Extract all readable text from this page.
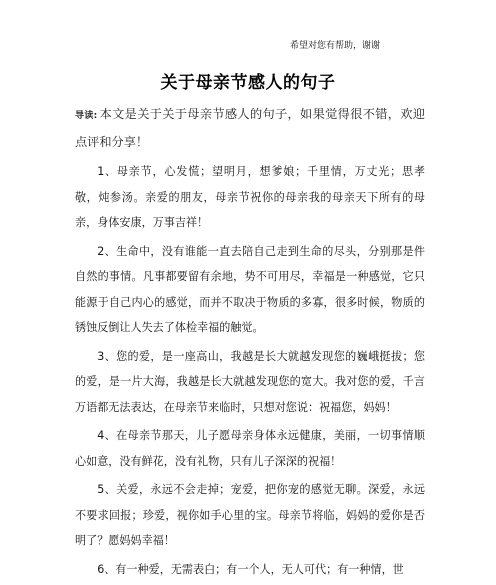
希望对您有帮助，谢谢
关于母亲节感人的句子

导读: 本文是关于关于母亲节感人的句子，如果觉得很不错，欢迎点评和分享！

1、母亲节，心发慌；望明月，想爹娘；千里情，万丈光；思孝敬，炖参汤。亲爱的朋友，母亲节祝你的母亲我的母亲天下所有的母亲，身体安康，万事吉祥！

2、生命中，没有谁能一直去陪自己走到生命的尽头，分别那是件自然的事情。凡事都要留有余地，势不可用尽，幸福是一种感觉，它只能源于自己内心的感觉，而并不取决于物质的多寡，很多时候，物质的锈蚀反倒让人失去了体检幸福的触觉。

3、您的爱，是一座高山，我越是长大就越发现您的巍峨挺拔；您的爱，是一片大海，我越是长大就越发现您的宽大。我对您的爱，千言万语都无法表达，在母亲节来临时，只想对您说：祝福您，妈妈！

4、在母亲节那天，儿子愿母亲身体永远健康，美丽，一切事情顺心如意，没有鲜花，没有礼物，只有儿子深深的祝福！

5、关爱，永远不会走掉；宠爱，把你宠的感觉无聊。深爱，永远不要求回报；珍爱，视你如手心里的宝。母亲节将临，妈妈的爱你是否明了？愿妈妈幸福！

6、有一种爱，无需表白；有一个人，无人可代；有一种情，世
